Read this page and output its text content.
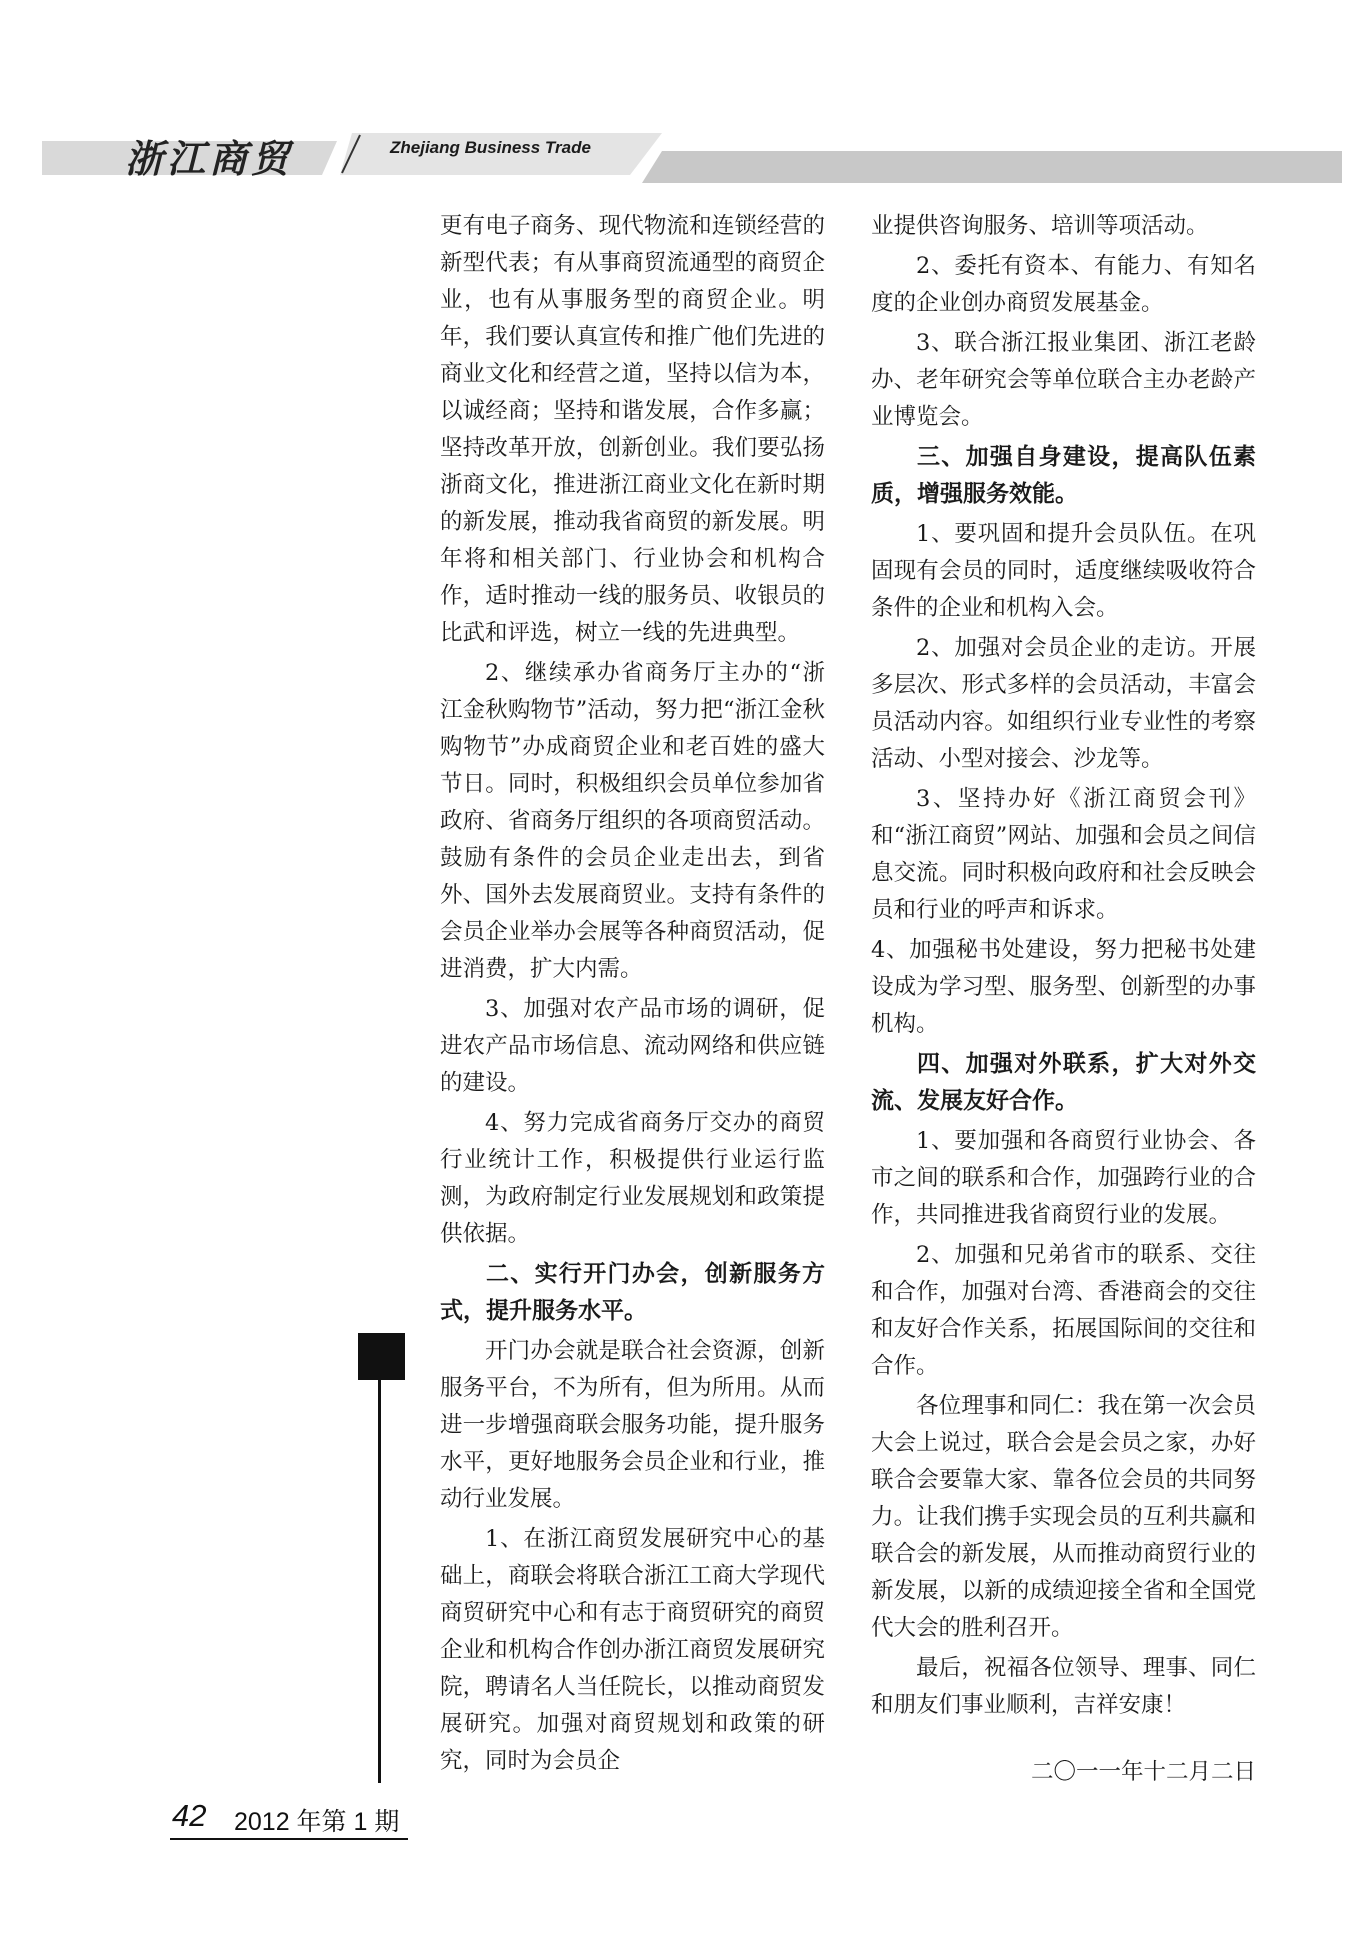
浙江商贸	Zhejiang Business Trade

更有电子商务、现代物流和连锁经营的新型代表；有从事商贸流通型的商贸企业，也有从事服务型的商贸企业。明年，我们要认真宣传和推广他们先进的商业文化和经营之道，坚持以信为本，以诚经商；坚持和谐发展，合作多赢；坚持改革开放，创新创业。我们要弘扬浙商文化，推进浙江商业文化在新时期的新发展，推动我省商贸的新发展。明年将和相关部门、行业协会和机构合作，适时推动一线的服务员、收银员的比武和评选，树立一线的先进典型。

2、继续承办省商务厅主办的“浙江金秋购物节”活动，努力把“浙江金秋购物节”办成商贸企业和老百姓的盛大节日。同时，积极组织会员单位参加省政府、省商务厅组织的各项商贸活动。鼓励有条件的会员企业走出去，到省外、国外去发展商贸业。支持有条件的会员企业举办会展等各种商贸活动，促进消费，扩大内需。

3、加强对农产品市场的调研，促进农产品市场信息、流动网络和供应链的建设。

4、努力完成省商务厅交办的商贸行业统计工作，积极提供行业运行监测，为政府制定行业发展规划和政策提供依据。

二、实行开门办会，创新服务方式，提升服务水平。

开门办会就是联合社会资源，创新服务平台，不为所有，但为所用。从而进一步增强商联会服务功能，提升服务水平，更好地服务会员企业和行业，推动行业发展。

1、在浙江商贸发展研究中心的基础上，商联会将联合浙江工商大学现代商贸研究中心和有志于商贸研究的商贸企业和机构合作创办浙江商贸发展研究院，聘请名人当任院长，以推动商贸发展研究。加强对商贸规划和政策的研究，同时为会员企

业提供咨询服务、培训等项活动。

2、委托有资本、有能力、有知名度的企业创办商贸发展基金。

3、联合浙江报业集团、浙江老龄办、老年研究会等单位联合主办老龄产业博览会。

三、加强自身建设，提高队伍素质，增强服务效能。

1、要巩固和提升会员队伍。在巩固现有会员的同时，适度继续吸收符合条件的企业和机构入会。

2、加强对会员企业的走访。开展多层次、形式多样的会员活动，丰富会员活动内容。如组织行业专业性的考察活动、小型对接会、沙龙等。

3、坚持办好《浙江商贸会刊》和“浙江商贸”网站、加强和会员之间信息交流。同时积极向政府和社会反映会员和行业的呼声和诉求。

4、加强秘书处建设，努力把秘书处建设成为学习型、服务型、创新型的办事机构。

四、加强对外联系，扩大对外交流、发展友好合作。

1、要加强和各商贸行业协会、各市之间的联系和合作，加强跨行业的合作，共同推进我省商贸行业的发展。

2、加强和兄弟省市的联系、交往和合作，加强对台湾、香港商会的交往和友好合作关系，拓展国际间的交往和合作。

各位理事和同仁：我在第一次会员大会上说过，联合会是会员之家，办好联合会要靠大家、靠各位会员的共同努力。让我们携手实现会员的互利共赢和联合会的新发展，从而推动商贸行业的新发展，以新的成绩迎接全省和全国党代大会的胜利召开。

最后，祝福各位领导、理事、同仁和朋友们事业顺利，吉祥安康！

二〇一一年十二月二日

42 2012 年第 1 期
